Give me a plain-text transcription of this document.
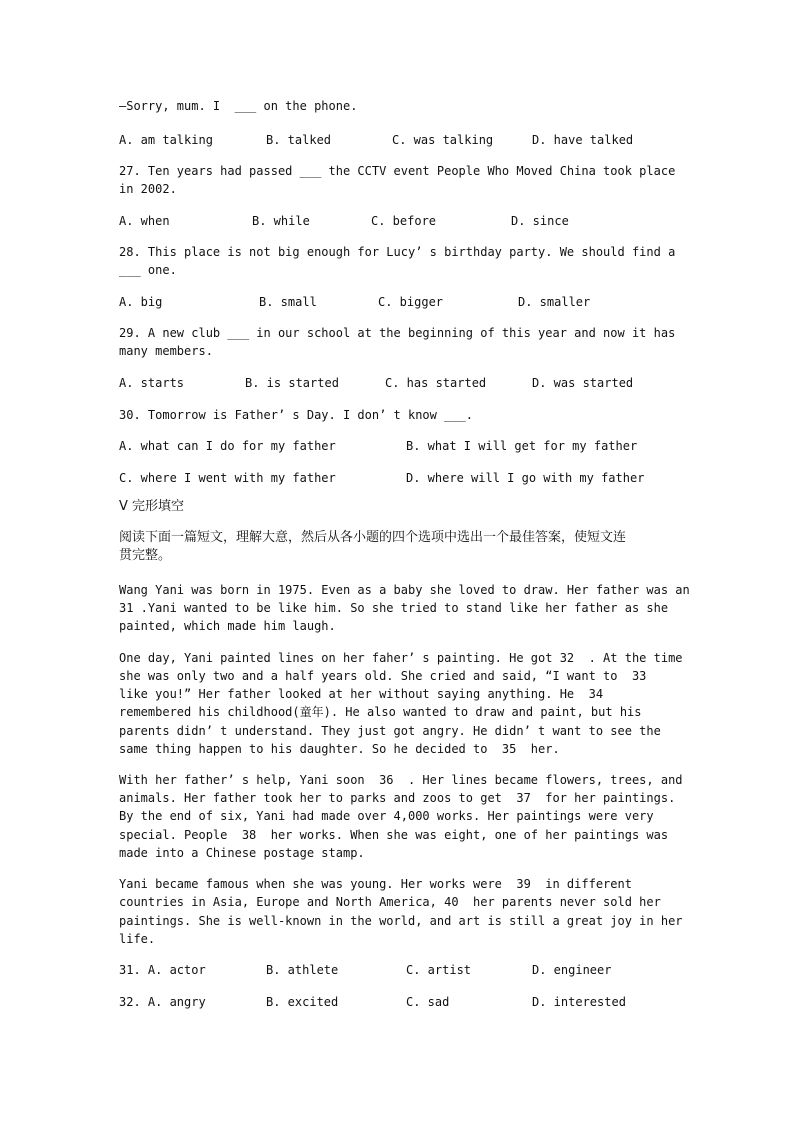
—Sorry, mum. I  ___ on the phone.
A. am talking	B. talked	C. was talking	D. have talked
27. Ten years had passed ___ the CCTV event People Who Moved China took place
in 2002.
A. when	B. while	C. before	D. since
28. This place is not big enough for Lucy’ s birthday party. We should find a
___ one.
A. big	B. small	C. bigger	D. smaller
29. A new club ___ in our school at the beginning of this year and now it has
many members.
A. starts	B. is started	C. has started	D. was started
30. Tomorrow is Father’ s Day. I don’ t know ___.
A. what can I do for my father	B. what I will get for my father
C. where I went with my father	D. where will I go with my father
V 完形填空
阅读下面一篇短文，理解大意，然后从各小题的四个选项中选出一个最佳答案，使短文连
贯完整。
Wang Yani was born in 1975. Even as a baby she loved to draw. Her father was an
31 .Yani wanted to be like him. So she tried to stand like her father as she
painted, which made him laugh.
One day, Yani painted lines on her faher’ s painting. He got 32  . At the time
she was only two and a half years old. She cried and said, “I want to  33
like you!” Her father looked at her without saying anything. He  34
remembered his childhood(童年). He also wanted to draw and paint, but his
parents didn’ t understand. They just got angry. He didn’ t want to see the
same thing happen to his daughter. So he decided to  35  her.
With her father’ s help, Yani soon  36  . Her lines became flowers, trees, and
animals. Her father took her to parks and zoos to get  37  for her paintings.
By the end of six, Yani had made over 4,000 works. Her paintings were very
special. People  38  her works. When she was eight, one of her paintings was
made into a Chinese postage stamp.
Yani became famous when she was young. Her works were  39  in different
countries in Asia, Europe and North America, 40  her parents never sold her
paintings. She is well-known in the world, and art is still a great joy in her
life.
31. A. actor	B. athlete	C. artist	D. engineer
32. A. angry	B. excited	C. sad	D. interested
